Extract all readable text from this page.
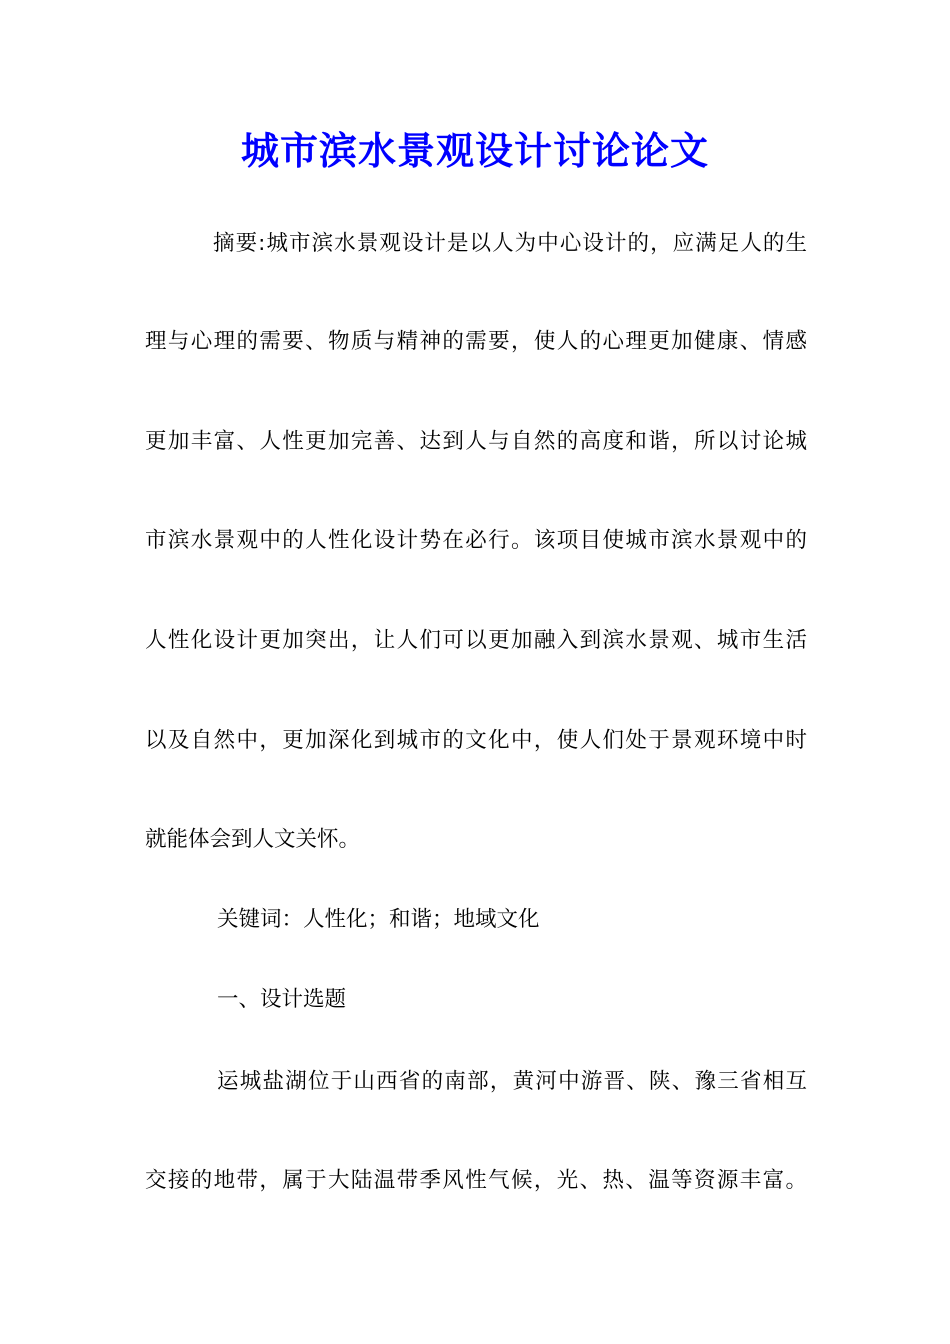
城市滨水景观设计讨论论文

摘要:城市滨水景观设计是以人为中心设计的，应满足人的生

理与心理的需要、物质与精神的需要，使人的心理更加健康、情感

更加丰富、人性更加完善、达到人与自然的高度和谐，所以讨论城

市滨水景观中的人性化设计势在必行。该项目使城市滨水景观中的

人性化设计更加突出，让人们可以更加融入到滨水景观、城市生活

以及自然中，更加深化到城市的文化中，使人们处于景观环境中时

就能体会到人文关怀。

关键词：人性化；和谐；地域文化

一、设计选题

运城盐湖位于山西省的南部，黄河中游晋、陕、豫三省相互

交接的地带，属于大陆温带季风性气候，光、热、温等资源丰富。
